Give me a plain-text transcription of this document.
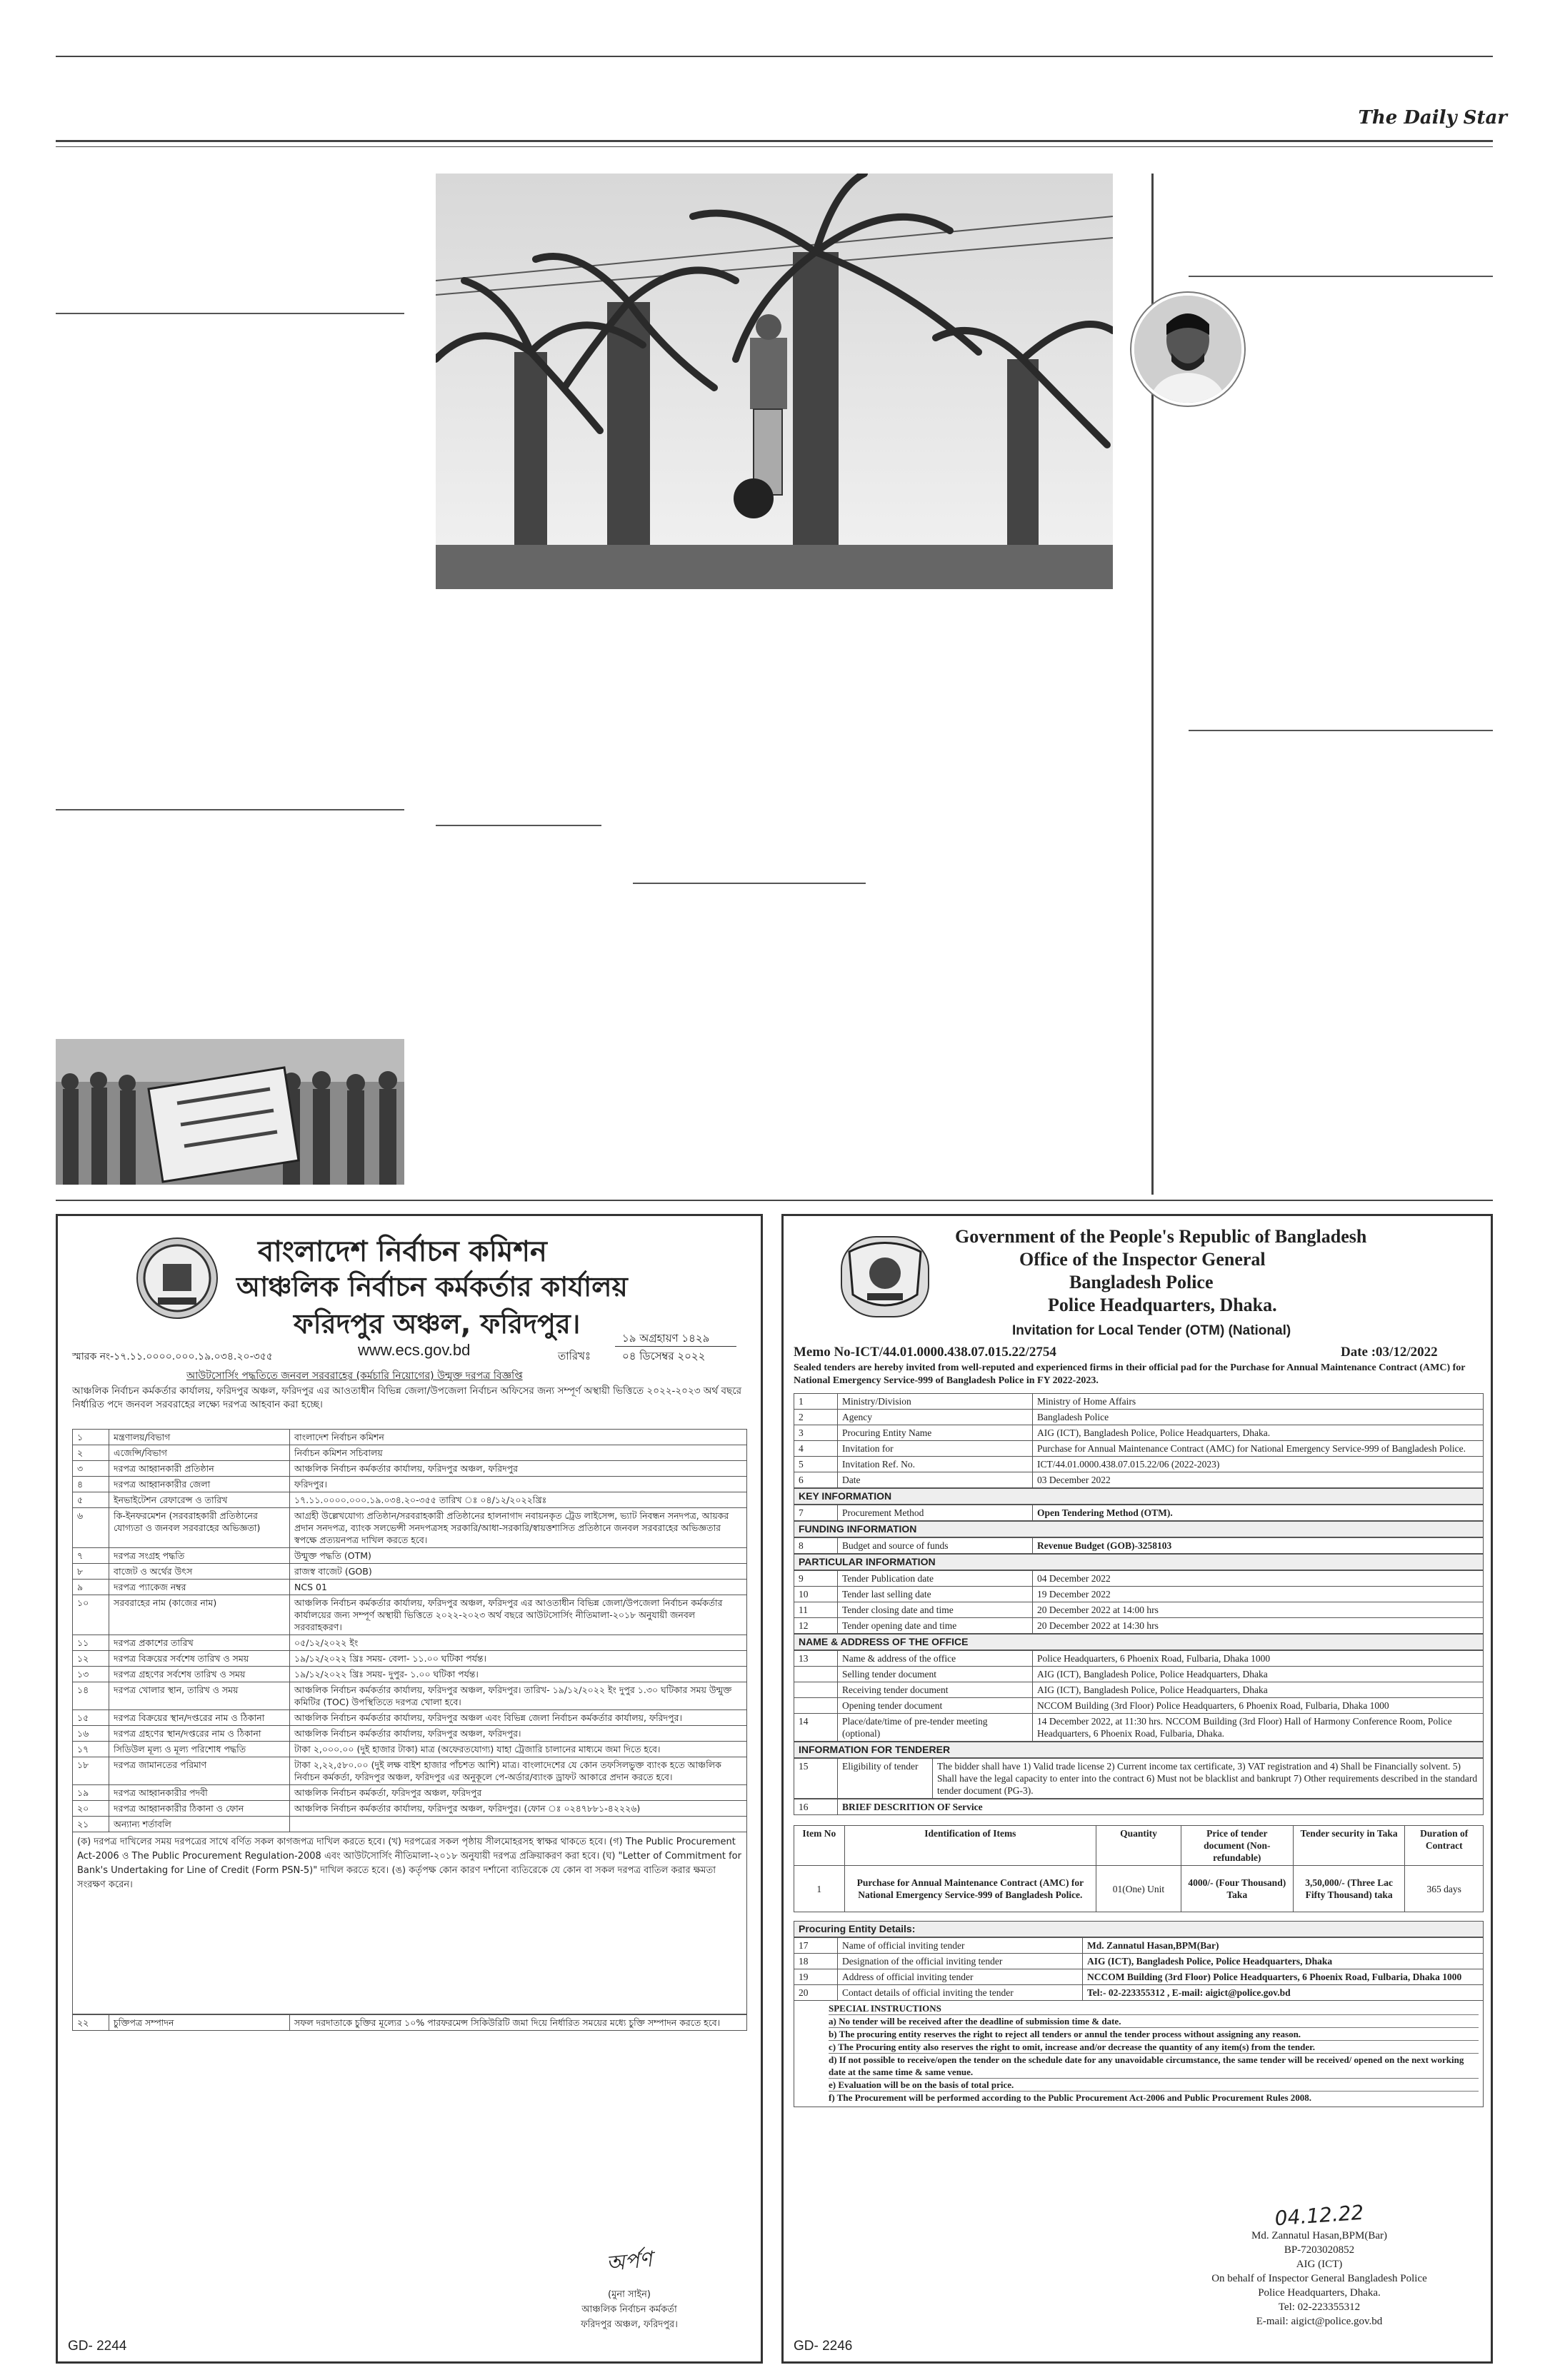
The Daily Star
বাংলাদেশ নির্বাচন কমিশন
আঞ্চলিক নির্বাচন কর্মকর্তার কার্যালয়
ফরিদপুর অঞ্চল, ফরিদপুর।
www.ecs.gov.bd
১৯ অগ্রহায়ণ ১৪২৯
তারিখঃ	০৪ ডিসেম্বর ২০২২
স্মারক নং-১৭.১১.০০০০.০০০.১৯.০৩৪.২০-৩৫৫
আউটসোর্সিং পদ্ধতিতে জনবল সরবরাহের (কর্মচারি নিয়োগের) উন্মুক্ত দরপত্র বিজ্ঞপ্তি
আঞ্চলিক নির্বাচন কর্মকর্তার কার্যালয়, ফরিদপুর অঞ্চল, ফরিদপুর এর আওতাধীন বিভিন্ন জেলা/উপজেলা নির্বাচন অফিসের জন্য সম্পূর্ণ অস্থায়ী ভিত্তিতে ২০২২-২০২৩ অর্থ বছরে নির্ধারিত পদে জনবল সরবরাহের লক্ষ্যে দরপত্র আহবান করা হচ্ছে।
১	মন্ত্রণালয়/বিভাগ	বাংলাদেশ নির্বাচন কমিশন
২	এজেন্সি/বিভাগ	নির্বাচন কমিশন সচিবালয়
৩	দরপত্র আহ্বানকারী প্রতিষ্ঠান	আঞ্চলিক নির্বাচন কর্মকর্তার কার্যালয়, ফরিদপুর অঞ্চল, ফরিদপুর
৪	দরপত্র আহ্বানকারীর জেলা	ফরিদপুর।
৫	ইনভাইটেশন রেফারেন্স ও তারিখ	১৭.১১.০০০০.০০০.১৯.০৩৪.২০-৩৫৫ তারিখ ঃ ০৪/১২/২০২২খ্রিঃ
৬	কি-ইনফরমেশন (সরবরাহকারী প্রতিষ্ঠানের যোগ্যতা ও জনবল সরবরাহের অভিজ্ঞতা)	আগ্রহী উল্লেখযোগ্য প্রতিষ্ঠান/সরবরাহকারী প্রতিষ্ঠানের হালনাগাদ নবায়নকৃত ট্রেড লাইসেন্স, ভ্যাট নিবন্ধন সনদপত্র, আয়কর প্রদান সনদপত্র, ব্যাংক সলভেন্সী সনদপত্রসহ সরকারি/আধা-সরকারি/স্বায়ত্তশাসিত প্রতিষ্ঠানে জনবল সরবরাহের অভিজ্ঞতার স্বপক্ষে প্রত্যয়নপত্র দাখিল করতে হবে।
৭	দরপত্র সংগ্রহ পদ্ধতি	উন্মুক্ত পদ্ধতি (OTM)
৮	বাজেট ও অর্থের উৎস	রাজস্ব বাজেট (GOB)
৯	দরপত্র প্যাকেজ নম্বর	NCS 01
১০	সরবরাহের নাম (কাজের নাম)	আঞ্চলিক নির্বাচন কর্মকর্তার কার্যালয়, ফরিদপুর অঞ্চল, ফরিদপুর এর আওতাধীন বিভিন্ন জেলা/উপজেলা নির্বাচন কর্মকর্তার কার্যালয়ের জন্য সম্পূর্ণ অস্থায়ী ভিত্তিতে ২০২২-২০২৩ অর্থ বছরে আউটসোর্সিং নীতিমালা-২০১৮ অনুযায়ী জনবল সরবরাহকরণ।
১১	দরপত্র প্রকাশের তারিখ	০৫/১২/২০২২ ইং
১২	দরপত্র বিক্রয়ের সর্বশেষ তারিখ ও সময়	১৯/১২/২০২২ খ্রিঃ সময়- বেলা- ১১.০০ ঘটিকা পর্যন্ত।
১৩	দরপত্র গ্রহণের সর্বশেষ তারিখ ও সময়	১৯/১২/২০২২ খ্রিঃ সময়- দুপুর- ১.০০ ঘটিকা পর্যন্ত।
১৪	দরপত্র খোলার স্থান, তারিখ ও সময়	আঞ্চলিক নির্বাচন কর্মকর্তার কার্যালয়, ফরিদপুর অঞ্চল, ফরিদপুর। তারিখ- ১৯/১২/২০২২ ইং দুপুর ১.৩০ ঘটিকার সময় উন্মুক্ত কমিটির (TOC) উপস্থিতিতে দরপত্র খোলা হবে।
১৫	দরপত্র বিক্রয়ের স্থান/দপ্তরের নাম ও ঠিকানা	আঞ্চলিক নির্বাচন কর্মকর্তার কার্যালয়, ফরিদপুর অঞ্চল এবং বিভিন্ন জেলা নির্বাচন কর্মকর্তার কার্যালয়, ফরিদপুর।
১৬	দরপত্র গ্রহণের স্থান/দপ্তরের নাম ও ঠিকানা	আঞ্চলিক নির্বাচন কর্মকর্তার কার্যালয়, ফরিদপুর অঞ্চল, ফরিদপুর।
১৭	সিডিউল মূল্য ও মূল্য পরিশোধ পদ্ধতি	টাকা ২,০০০.০০ (দুই হাজার টাকা) মাত্র (অফেরতযোগ্য) যাহা ট্রেজারি চালানের মাধ্যমে জমা দিতে হবে।
১৮	দরপত্র জামানতের পরিমাণ	টাকা ২,২২,৫৮০.০০ (দুই লক্ষ বাইশ হাজার পাঁচশত আশি) মাত্র। বাংলাদেশের যে কোন তফসিলভুক্ত ব্যাংক হতে আঞ্চলিক নির্বাচন কর্মকর্তা, ফরিদপুর অঞ্চল, ফরিদপুর এর অনুকূলে পে-অর্ডার/ব্যাংক ড্রাফট আকারে প্রদান করতে হবে।
১৯	দরপত্র আহ্বানকারীর পদবী	আঞ্চলিক নির্বাচন কর্মকর্তা, ফরিদপুর অঞ্চল, ফরিদপুর
২০	দরপত্র আহ্বানকারীর ঠিকানা ও ফোন	আঞ্চলিক নির্বাচন কর্মকর্তার কার্যালয়, ফরিদপুর অঞ্চল, ফরিদপুর। (ফোন ঃ ০২৪৭৮৮১-৪২২২৬)
২১	অন্যান্য শর্তাবলি	
(ক) দরপত্র দাখিলের সময় দরপত্রের সাথে বর্ণিত সকল কাগজপত্র দাখিল করতে হবে। (খ) দরপত্রের সকল পৃষ্ঠায় সীলমোহরসহ স্বাক্ষর থাকতে হবে। (গ) The Public Procurement Act-2006 ও The Public Procurement Regulation-2008 এবং আউটসোর্সিং নীতিমালা-২০১৮ অনুযায়ী দরপত্র প্রক্রিয়াকরণ করা হবে। (ঘ) "Letter of Commitment for Bank's Undertaking for Line of Credit (Form PSN-5)" দাখিল করতে হবে। (ঙ) কর্তৃপক্ষ কোন কারণ দর্শানো ব্যতিরেকে যে কোন বা সকল দরপত্র বাতিল করার ক্ষমতা সংরক্ষণ করেন।
২২	চুক্তিপত্র সম্পাদন	সফল দরদাতাকে চুক্তির মূল্যের ১০% পারফরমেন্স সিকিউরিটি জমা দিয়ে নির্ধারিত সময়ের মধ্যে চুক্তি সম্পাদন করতে হবে।
অর্পণ
(মুনা সাইন)
আঞ্চলিক নির্বাচন কর্মকর্তা
ফরিদপুর অঞ্চল, ফরিদপুর।
GD- 2244
Government of the People's Republic of Bangladesh
Office of the Inspector General
Bangladesh Police
Police Headquarters, Dhaka.
Invitation for Local Tender (OTM) (National)
Memo No-ICT/44.01.0000.438.07.015.22/2754	Date :03/12/2022
Sealed tenders are hereby invited from well-reputed and experienced firms in their official pad for the Purchase for Annual Maintenance Contract (AMC) for National Emergency Service-999 of Bangladesh Police in FY 2022-2023.
1	Ministry/Division	Ministry of Home Affairs
2	Agency	Bangladesh Police
3	Procuring Entity Name	AIG (ICT), Bangladesh Police, Police Headquarters, Dhaka.
4	Invitation for	Purchase for Annual Maintenance Contract (AMC) for National Emergency Service-999 of Bangladesh Police.
5	Invitation Ref. No.	ICT/44.01.0000.438.07.015.22/06 (2022-2023)
6	Date	03 December 2022
KEY INFORMATION
7	Procurement Method	Open Tendering Method (OTM).
FUNDING INFORMATION
8	Budget and source of funds	Revenue Budget (GOB)-3258103
PARTICULAR INFORMATION
9	Tender Publication date	04 December 2022
10	Tender last selling date	19 December 2022
11	Tender closing date and time	20 December 2022 at 14:00 hrs
12	Tender opening date and time	20 December 2022 at 14:30 hrs
NAME & ADDRESS OF THE OFFICE
13	Name & address of the office	Police Headquarters, 6 Phoenix Road, Fulbaria, Dhaka 1000
	Selling tender document	AIG (ICT), Bangladesh Police, Police Headquarters, Dhaka
	Receiving tender document	AIG (ICT), Bangladesh Police, Police Headquarters, Dhaka
	Opening tender document	NCCOM Building (3rd Floor) Police Headquarters, 6 Phoenix Road, Fulbaria, Dhaka 1000
14	Place/date/time of pre-tender meeting (optional)	14 December 2022, at 11:30 hrs. NCCOM Building (3rd Floor) Hall of Harmony Conference Room, Police Headquarters, 6 Phoenix Road, Fulbaria, Dhaka.
INFORMATION FOR TENDERER
15	Eligibility of tender	The bidder shall have 1) Valid trade license 2) Current income tax certificate, 3) VAT registration and 4) Shall be Financially solvent. 5) Shall have the legal capacity to enter into the contract 6) Must not be blacklist and bankrupt 7) Other requirements described in the standard tender document (PG-3).
16	BRIEF DESCRITION OF Service
Item No	Identification of Items	Quantity	Price of tender document (Non-refundable)	Tender security in Taka	Duration of Contract
1	Purchase for Annual Maintenance Contract (AMC) for National Emergency Service-999 of Bangladesh Police.	01(One) Unit	4000/- (Four Thousand) Taka	3,50,000/- (Three Lac Fifty Thousand) taka	365 days
Procuring Entity Details:
17	Name of official inviting tender	Md. Zannatul Hasan,BPM(Bar)
18	Designation of the official inviting tender	AIG (ICT), Bangladesh Police, Police Headquarters, Dhaka
19	Address of official inviting tender	NCCOM Building (3rd Floor) Police Headquarters, 6 Phoenix Road, Fulbaria, Dhaka 1000
20	Contact details of official inviting the tender	Tel:- 02-223355312 , E-mail: aigict@police.gov.bd
SPECIAL INSTRUCTIONS
a) No tender will be received after the deadline of submission time & date.
b) The procuring entity reserves the right to reject all tenders or annul the tender process without assigning any reason.
c) The Procuring entity also reserves the right to omit, increase and/or decrease the quantity of any item(s) from the tender.
d) If not possible to receive/open the tender on the schedule date for any unavoidable circumstance, the same tender will be received/ opened on the next working date at the same time & same venue.
e) Evaluation will be on the basis of total price.
f) The Procurement will be performed according to the Public Procurement Act-2006 and Public Procurement Rules 2008.
04.12.22
Md. Zannatul Hasan,BPM(Bar)
BP-7203020852
AIG (ICT)
On behalf of Inspector General Bangladesh Police
Police Headquarters, Dhaka.
Tel: 02-223355312
E-mail: aigict@police.gov.bd
GD- 2246
